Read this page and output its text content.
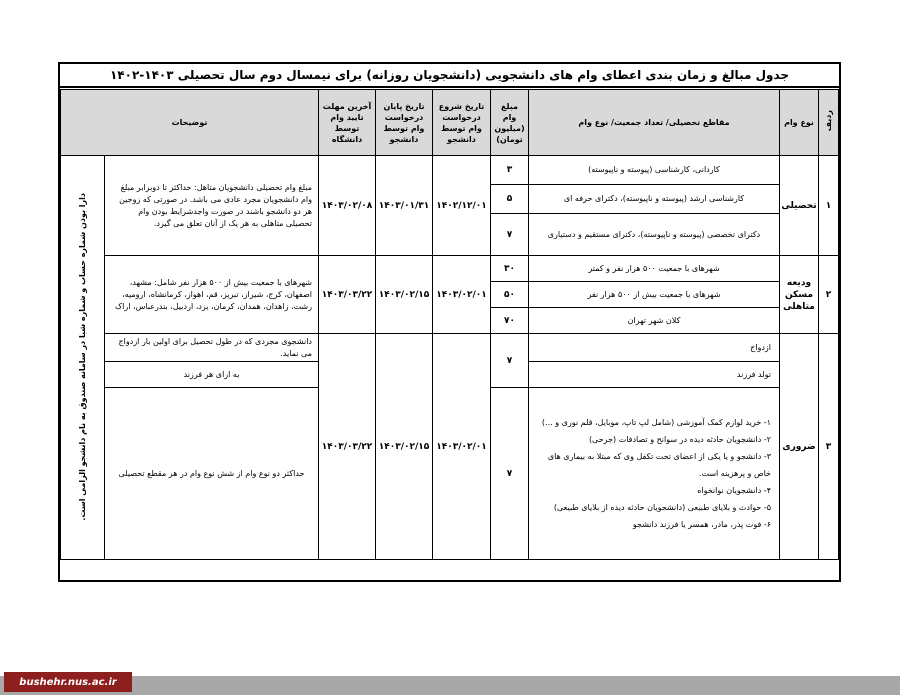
جدول مبالغ و زمان بندی اعطای وام های دانشجویی (دانشجویان روزانه) برای نیمسال دوم سال تحصیلی ۱۴۰۳-۱۴۰۲
ردیف
نوع وام
مقاطع تحصیلی/ تعداد جمعیت/ نوع وام
مبلغ وام (میلیون تومان)
تاریخ شروع درخواست وام توسط دانشجو
تاریخ پایان درخواست وام توسط دانشجو
آخرین مهلت تایید وام توسط دانشگاه
توضیحات
دارا بودن شماره حساب و شماره شبا در سامانه صندوق به نام دانشجو الزامی است.	۱
تحصیلی
کاردانی، کارشناسی (پیوسته و ناپیوسته)
کارشناسی ارشد (پیوسته و ناپیوسته)، دکترای حرفه ای
دکترای تخصصی (پیوسته و ناپیوسته)، دکترای مستقیم و دستیاری
۳
۵
۷
۱۴۰۲/۱۲/۰۱
۱۴۰۳/۰۱/۳۱
۱۴۰۳/۰۲/۰۸
مبلغ وام تحصیلی دانشجویان متاهل: حداکثر تا دوبرابر مبلغ وام دانشجویان مجرد عادی می باشد. در صورتی که زوجین هر دو دانشجو باشند در صورت واجدشرایط بودن وام تحصیلی متاهلی به هر یک از آنان تعلق می گیرد.
۲
ودیعه مسکن متاهلی
شهرهای با جمعیت ۵۰۰ هزار نفر و کمتر
شهرهای با جمعیت بیش از ۵۰۰ هزار نفر
کلان شهر تهران
۳۰
۵۰
۷۰
۱۴۰۳/۰۲/۰۱
۱۴۰۳/۰۲/۱۵
۱۴۰۳/۰۳/۲۲
شهرهای با جمعیت بیش از ۵۰۰ هزار نفر شامل: مشهد، اصفهان، کرج، شیراز، تبریز، قم، اهواز، کرمانشاه، ارومیه، رشت، زاهدان، همدان، کرمان، یزد، اردبیل، بندرعباس، اراک
۳
ضروری
ازدواج
تولد فرزند
۱- خرید لوازم کمک آموزشی (شامل لپ تاپ، موبایل، قلم نوری و ...)
۲- دانشجویان حادثه دیده در سوانح و تصادفات (جرحی)
۳- دانشجو و یا یکی از اعضای تحت تکفل وی که مبتلا به بیماری های خاص و پرهزینه است.
۴- دانشجویان نوانخواه
۵- حوادث و بلایای طبیعی (دانشجویان حادثه دیده از بلایای طبیعی)
۶- فوت پدر، مادر، همسر یا فرزند دانشجو
۷
۷
۱۴۰۳/۰۲/۰۱
۱۴۰۳/۰۲/۱۵
۱۴۰۳/۰۳/۲۲
دانشجوی مجردی که در طول تحصیل برای اولین بار ازدواج می نماید.
به ازای هر فرزند
حداکثر دو نوع وام از شش نوع وام در هر مقطع تحصیلی
bushehr.nus.ac.ir
